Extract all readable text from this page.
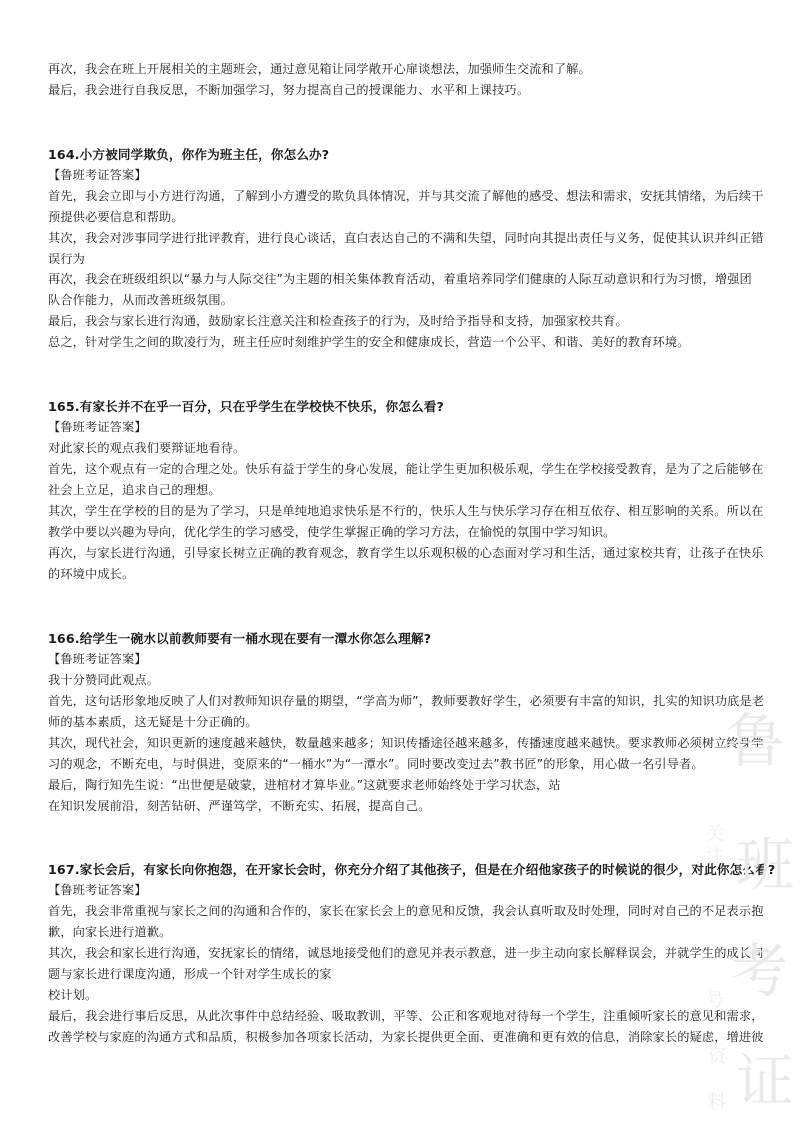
再次，我会在班上开展相关的主题班会，通过意见箱让同学敞开心扉谈想法，加强师生交流和了解。
最后，我会进行自我反思，不断加强学习，努力提高自己的授课能力、水平和上课技巧。
164.小方被同学欺负，你作为班主任，你怎么办?
【鲁班考证答案】
首先，我会立即与小方进行沟通，了解到小方遭受的欺负具体情况，并与其交流了解他的感受、想法和需求，安抚其情绪，为后续干
预提供必要信息和帮助。
其次，我会对涉事同学进行批评教育，进行良心谈话，直白表达自己的不满和失望，同时向其提出责任与义务，促使其认识并纠正错
误行为
再次，我会在班级组织以“暴力与人际交往”为主题的相关集体教育活动，着重培养同学们健康的人际互动意识和行为习惯，增强团
队合作能力，从而改善班级氛围。
最后，我会与家长进行沟通，鼓励家长注意关注和检查孩子的行为，及时给予指导和支持，加强家校共育。
总之，针对学生之间的欺凌行为，班主任应时刻维护学生的安全和健康成长，营造一个公平、和谐、美好的教育环境。
165.有家长并不在乎一百分，只在乎学生在学校快不快乐，你怎么看?
【鲁班考证答案】
对此家长的观点我们要辩证地看待。
首先，这个观点有一定的合理之处。快乐有益于学生的身心发展，能让学生更加积极乐观，学生在学校接受教育，是为了之后能够在
社会上立足，追求自己的理想。
其次，学生在学校的目的是为了学习，只是单纯地追求快乐是不行的，快乐人生与快乐学习存在相互依存、相互影响的关系。所以在
教学中要以兴趣为导向，优化学生的学习感受，使学生掌握正确的学习方法，在愉悦的氛围中学习知识。
再次，与家长进行沟通，引导家长树立正确的教育观念，教育学生以乐观积极的心态面对学习和生活，通过家校共育，让孩子在快乐
的环境中成长。
166.给学生一碗水以前教师要有一桶水现在要有一潭水你怎么理解?
【鲁班考证答案】
我十分赞同此观点。
首先，这句话形象地反映了人们对教师知识存量的期望，“学高为师”，教师要教好学生，必须要有丰富的知识，扎实的知识功底是老
师的基本素质，这无疑是十分正确的。
其次，现代社会，知识更新的速度越来越快，数量越来越多；知识传播途径越来越多，传播速度越来越快。要求教师必须树立终身学
习的观念，不断充电，与时俱进，变原来的“一桶水”为“一潭水”。同时要改变过去”教书匠”的形象，用心做一名引导者。
最后，陶行知先生说：“出世便是破蒙，进棺材才算毕业。”这就要求老师始终处于学习状态，站
在知识发展前沿，刻苦钻研、严谨笃学，不断充实、拓展，提高自己。
167.家长会后，有家长向你抱怨，在开家长会时，你充分介绍了其他孩子，但是在介绍他家孩子的时候说的很少，对此你怎么看?
【鲁班考证答案】
首先，我会非常重视与家长之间的沟通和合作的，家长在家长会上的意见和反馈，我会认真听取及时处理，同时对自己的不足表示抱
歉，向家长进行道歉。
其次，我会和家长进行沟通，安抚家长的情绪，诚恳地接受他们的意见并表示教意，进一步主动向家长解释误会，并就学生的成长问
题与家长进行课度沟通，形成一个针对学生成长的家
校计划。
最后，我会进行事后反思，从此次事件中总结经验、吸取教训，平等、公正和客观地对待每一个学生，注重倾听家长的意见和需求，
改善学校与家庭的沟通方式和品质，积极参加各项家长活动，为家长提供更全面、更准确和更有效的信息，消除家长的疑虑，增进彼
鲁
班
考
证
关
注
号
资
料
